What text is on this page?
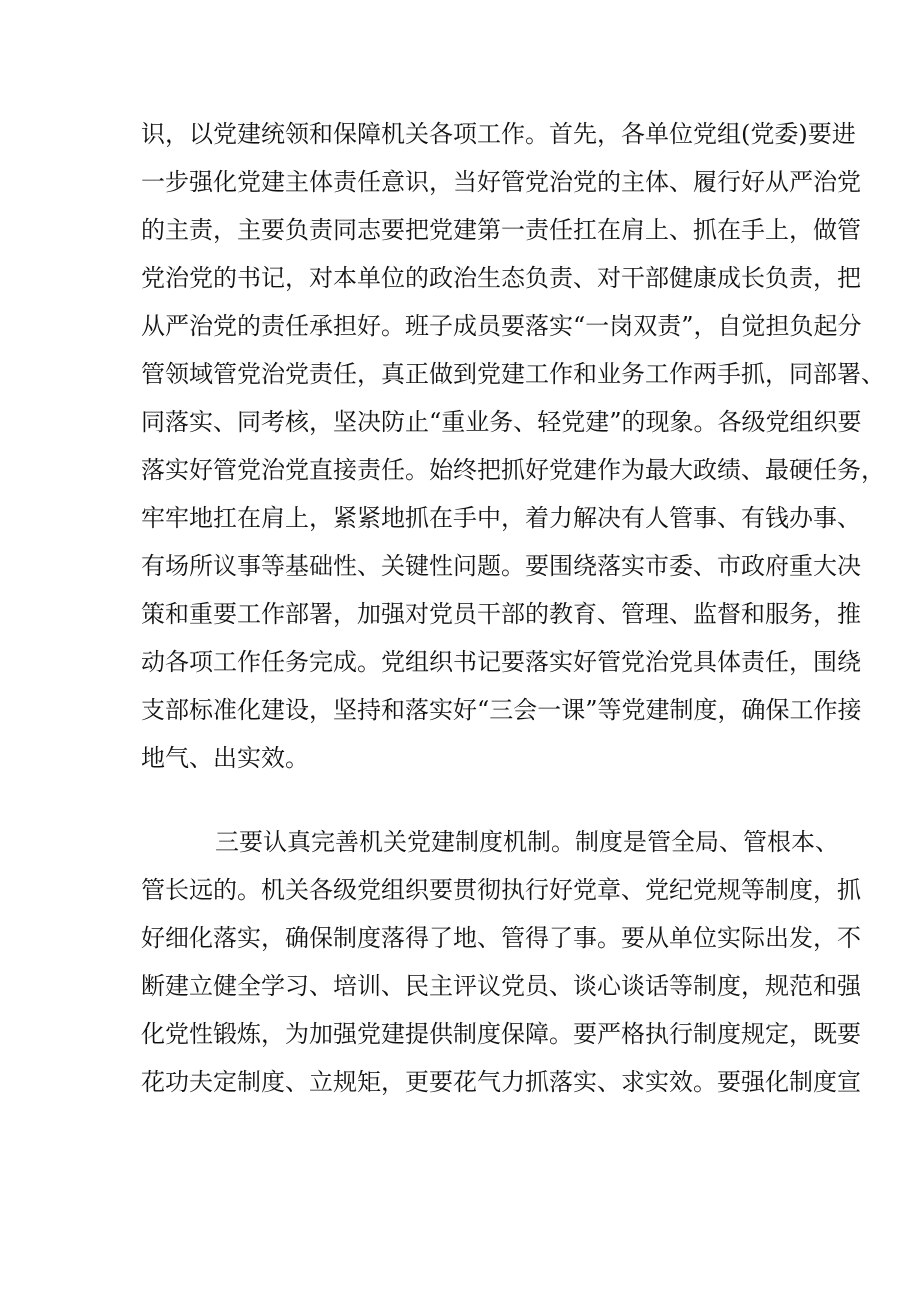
识，以党建统领和保障机关各项工作。首先，各单位党组(党委)要进
一步强化党建主体责任意识，当好管党治党的主体、履行好从严治党
的主责，主要负责同志要把党建第一责任扛在肩上、抓在手上，做管
党治党的书记，对本单位的政治生态负责、对干部健康成长负责，把
从严治党的责任承担好。班子成员要落实“一岗双责”，自觉担负起分
管领域管党治党责任，真正做到党建工作和业务工作两手抓，同部署、
同落实、同考核，坚决防止“重业务、轻党建”的现象。各级党组织要
落实好管党治党直接责任。始终把抓好党建作为最大政绩、最硬任务，
牢牢地扛在肩上，紧紧地抓在手中，着力解决有人管事、有钱办事、
有场所议事等基础性、关键性问题。要围绕落实市委、市政府重大决
策和重要工作部署，加强对党员干部的教育、管理、监督和服务，推
动各项工作任务完成。党组织书记要落实好管党治党具体责任，围绕
支部标准化建设，坚持和落实好“三会一课”等党建制度，确保工作接
地气、出实效。
三要认真完善机关党建制度机制。制度是管全局、管根本、
管长远的。机关各级党组织要贯彻执行好党章、党纪党规等制度，抓
好细化落实，确保制度落得了地、管得了事。要从单位实际出发，不
断建立健全学习、培训、民主评议党员、谈心谈话等制度，规范和强
化党性锻炼，为加强党建提供制度保障。要严格执行制度规定，既要
花功夫定制度、立规矩，更要花气力抓落实、求实效。要强化制度宣
